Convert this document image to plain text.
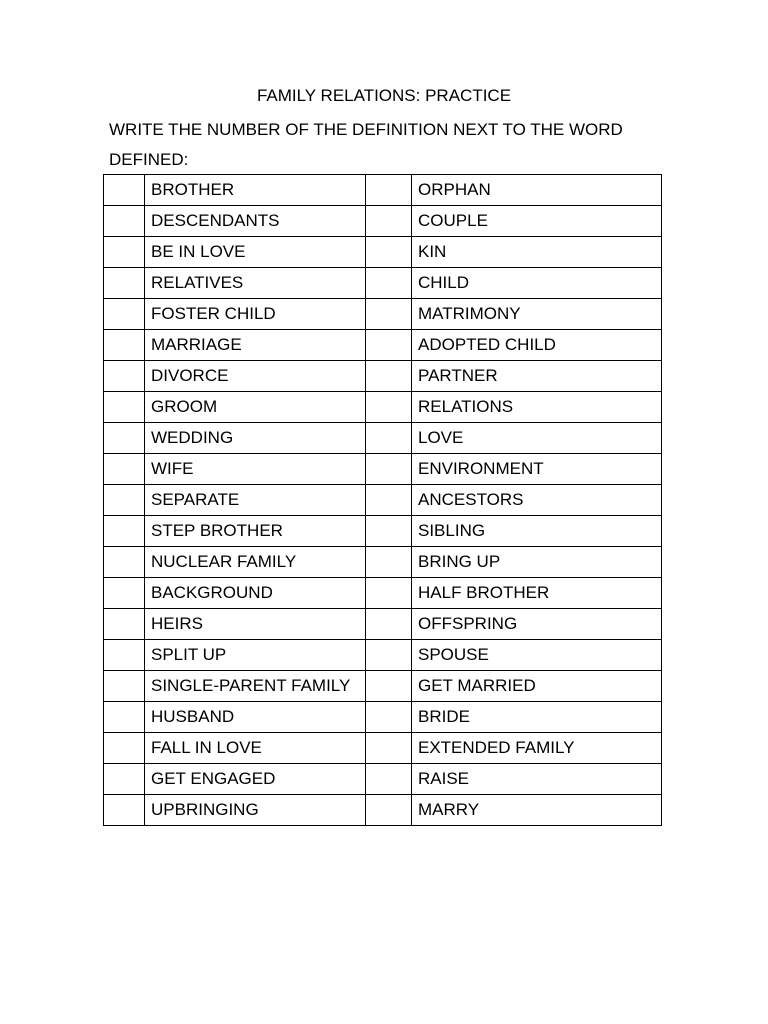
FAMILY RELATIONS: PRACTICE
WRITE THE NUMBER OF THE DEFINITION NEXT TO THE WORD DEFINED:
	BROTHER		ORPHAN
	DESCENDANTS		COUPLE
	BE IN LOVE		KIN
	RELATIVES		CHILD
	FOSTER CHILD		MATRIMONY
	MARRIAGE		ADOPTED CHILD
	DIVORCE		PARTNER
	GROOM		RELATIONS
	WEDDING		LOVE
	WIFE		ENVIRONMENT
	SEPARATE		ANCESTORS
	STEP BROTHER		SIBLING
	NUCLEAR FAMILY		BRING UP
	BACKGROUND		HALF BROTHER
	HEIRS		OFFSPRING
	SPLIT UP		SPOUSE
	SINGLE-PARENT FAMILY		GET MARRIED
	HUSBAND		BRIDE
	FALL IN LOVE		EXTENDED FAMILY
	GET ENGAGED		RAISE
	UPBRINGING		MARRY
